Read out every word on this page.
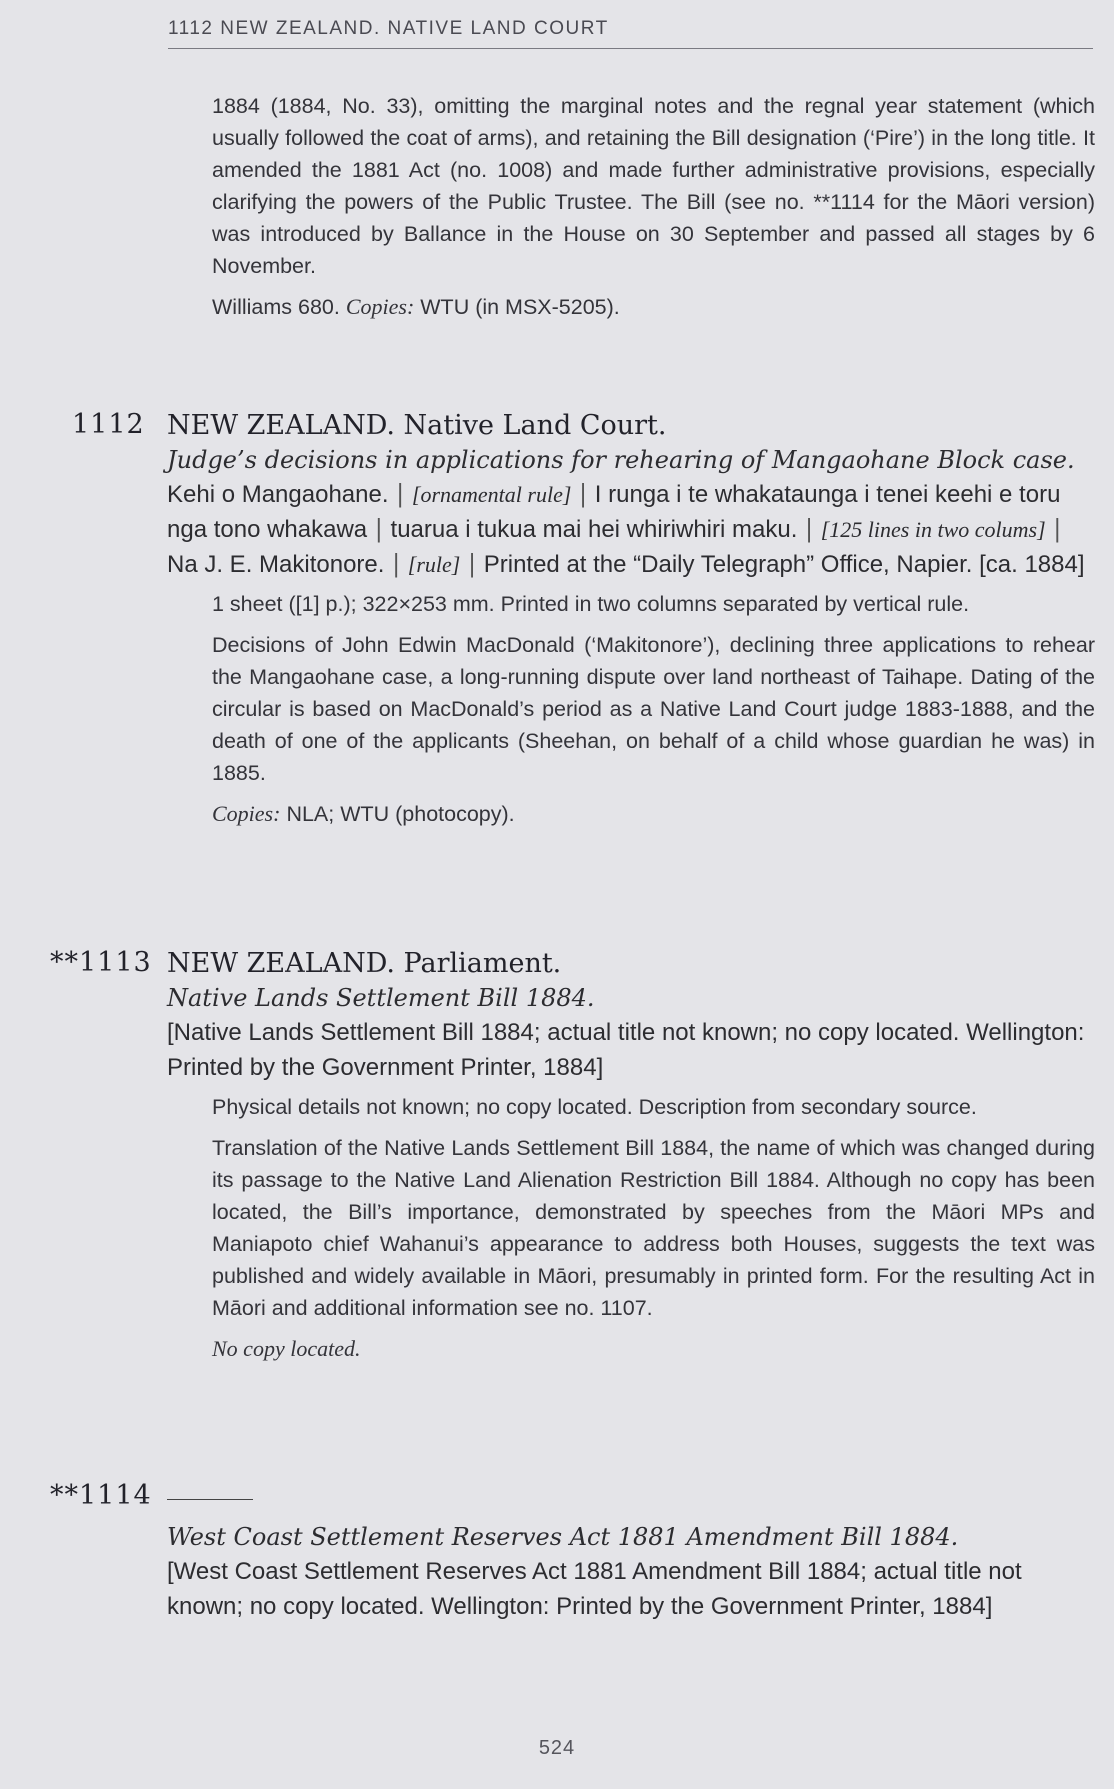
1112 NEW ZEALAND. NATIVE LAND COURT
1884 (1884, No. 33), omitting the marginal notes and the regnal year statement (which usually followed the coat of arms), and retaining the Bill designation (‘Pire’) in the long title. It amended the 1881 Act (no. 1008) and made further administrative provisions, especially clarifying the powers of the Public Trustee. The Bill (see no. **1114 for the Māori version) was introduced by Ballance in the House on 30 September and passed all stages by 6 November.
Williams 680. Copies: WTU (in MSX-5205).
1112 NEW ZEALAND. Native Land Court.
Judge’s decisions in applications for rehearing of Mangaohane Block case.
Kehi o Mangaohane. | [ornamental rule] | I runga i te whakataunga i tenei keehi e toru nga tono whakawa | tuarua i tukua mai hei whiriwhiri maku. | [125 lines in two colums] | Na J. E. Makitonore. | [rule] | Printed at the “Daily Telegraph” Office, Napier. [ca. 1884]
1 sheet ([1] p.); 322×253 mm. Printed in two columns separated by vertical rule.
Decisions of John Edwin MacDonald (‘Makitonore’), declining three applications to rehear the Mangaohane case, a long-running dispute over land northeast of Taihape. Dating of the circular is based on MacDonald’s period as a Native Land Court judge 1883-1888, and the death of one of the applicants (Sheehan, on behalf of a child whose guardian he was) in 1885.
Copies: NLA; WTU (photocopy).
**1113 NEW ZEALAND. Parliament.
Native Lands Settlement Bill 1884.
[Native Lands Settlement Bill 1884; actual title not known; no copy located. Wellington: Printed by the Government Printer, 1884]
Physical details not known; no copy located. Description from secondary source.
Translation of the Native Lands Settlement Bill 1884, the name of which was changed during its passage to the Native Land Alienation Restriction Bill 1884. Although no copy has been located, the Bill’s importance, demonstrated by speeches from the Māori MPs and Maniapoto chief Wahanui’s appearance to address both Houses, suggests the text was published and widely available in Māori, presumably in printed form. For the resulting Act in Māori and additional information see no. 1107.
No copy located.
**1114
West Coast Settlement Reserves Act 1881 Amendment Bill 1884.
[West Coast Settlement Reserves Act 1881 Amendment Bill 1884; actual title not known; no copy located. Wellington: Printed by the Government Printer, 1884]
524
